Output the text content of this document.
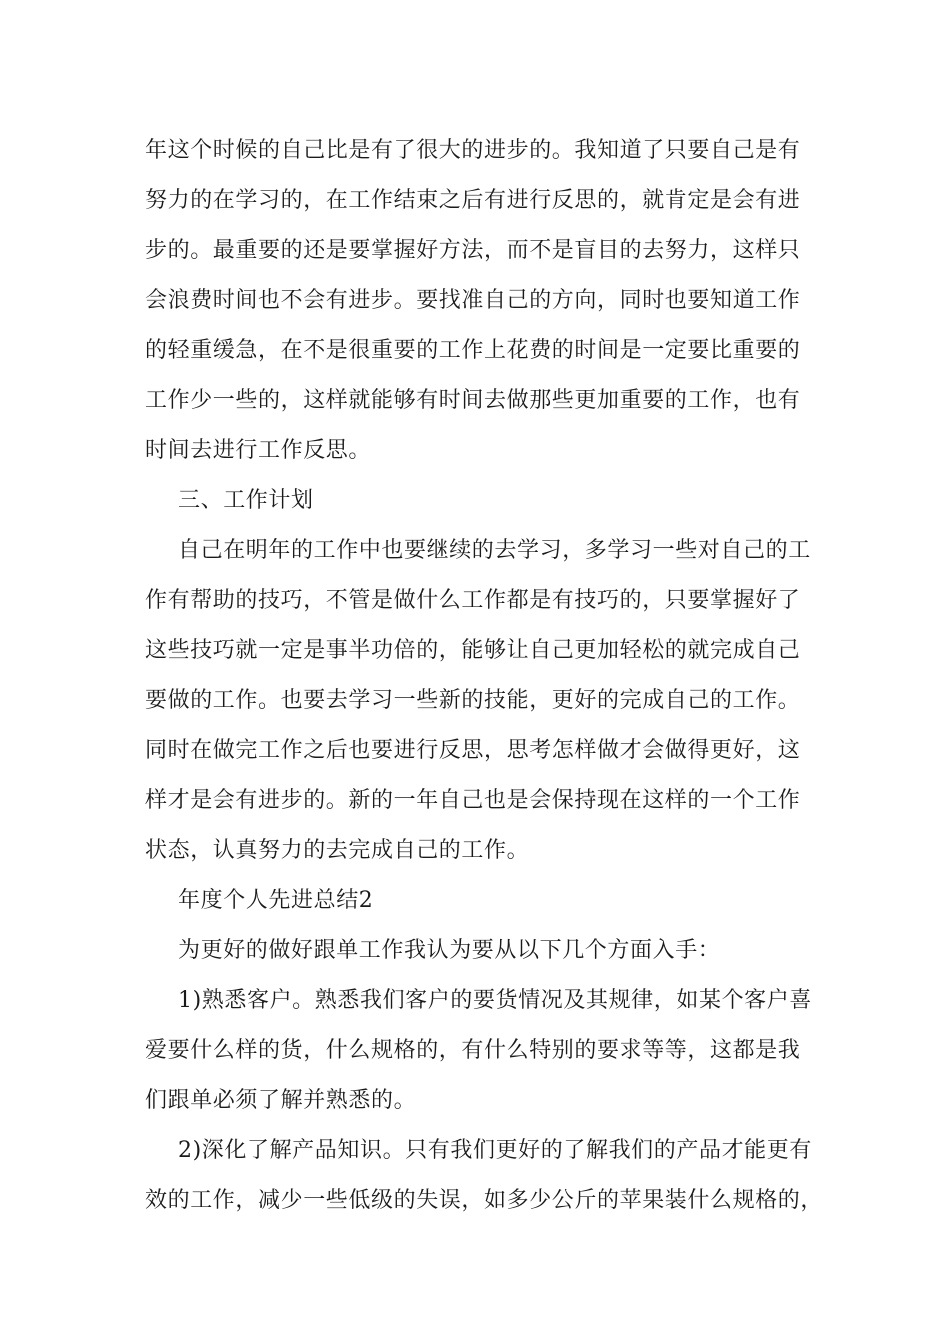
年这个时候的自己比是有了很大的进步的。我知道了只要自己是有
努力的在学习的，在工作结束之后有进行反思的，就肯定是会有进
步的。最重要的还是要掌握好方法，而不是盲目的去努力，这样只
会浪费时间也不会有进步。要找准自己的方向，同时也要知道工作
的轻重缓急，在不是很重要的工作上花费的时间是一定要比重要的
工作少一些的，这样就能够有时间去做那些更加重要的工作，也有
时间去进行工作反思。
三、工作计划
自己在明年的工作中也要继续的去学习，多学习一些对自己的工
作有帮助的技巧，不管是做什么工作都是有技巧的，只要掌握好了
这些技巧就一定是事半功倍的，能够让自己更加轻松的就完成自己
要做的工作。也要去学习一些新的技能，更好的完成自己的工作。
同时在做完工作之后也要进行反思，思考怎样做才会做得更好，这
样才是会有进步的。新的一年自己也是会保持现在这样的一个工作
状态，认真努力的去完成自己的工作。
年度个人先进总结2
为更好的做好跟单工作我认为要从以下几个方面入手：
1)熟悉客户。熟悉我们客户的要货情况及其规律，如某个客户喜
爱要什么样的货，什么规格的，有什么特别的要求等等，这都是我
们跟单必须了解并熟悉的。
2)深化了解产品知识。只有我们更好的了解我们的产品才能更有
效的工作，减少一些低级的失误，如多少公斤的苹果装什么规格的，
